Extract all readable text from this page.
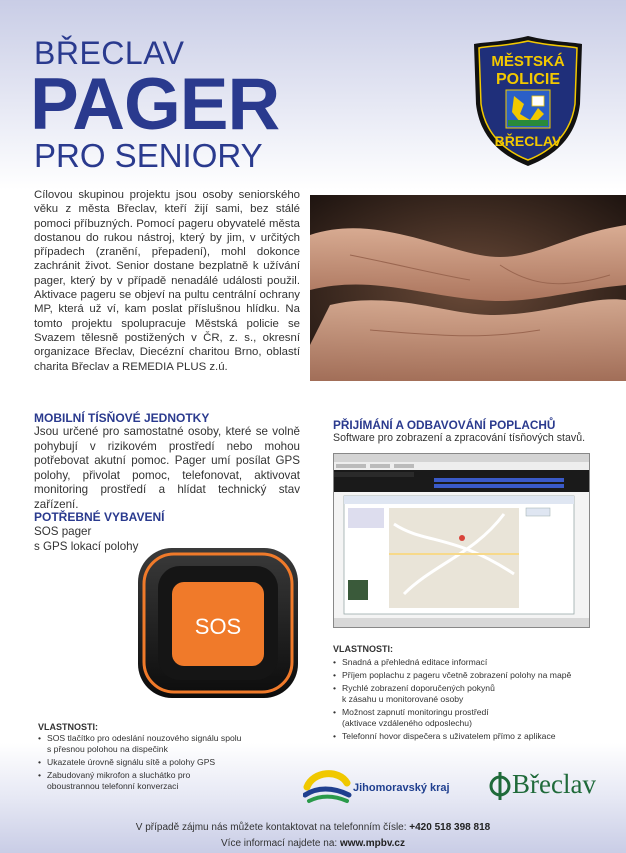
BŘECLAV
PAGER
PRO SENIORY
MĚSTSKÁ
POLICIE
BŘECLAV

Cílovou skupinou projektu jsou osoby seniorského věku z města Břeclav, kteří žijí sami, bez stálé pomoci příbuzných. Pomocí pageru obyvatelé města dostanou do rukou nástroj, který by jim, v určitých případech (zranění, přepadení), mohl dokonce zachránit život. Senior dostane bezplatně k užívání pager, který by v případě nenadálé události použil. Aktivace pageru se objeví na pultu centrální ochrany MP, která už ví, kam poslat příslušnou hlídku. Na tomto projektu spolupracuje Městská policie se Svazem tělesně postižených v ČR, z. s., okresní organizace Břeclav, Diecézní charitou Brno, oblastí charita Břeclav a REMEDIA PLUS z.ú.

MOBILNÍ TÍSŇOVÉ JEDNOTKY

Jsou určené pro samostatné osoby, které se volně pohybují v rizikovém prostředí nebo mohou potřebovat akutní pomoc. Pager umí posílat GPS polohy, přivolat pomoc, telefonovat, aktivovat monitoring prostředí a hlídat technický stav zařízení.

POTŘEBNÉ VYBAVENÍ
SOS pager
s GPS lokací polohy
SOS

VLASTNOSTI:

• SOS tlačítko pro odeslání nouzového signálu spolu
s přesnou polohou na dispečink
• Ukazatele úrovně signálu sítě a polohy GPS
• Zabudovaný mikrofon a sluchátko pro
oboustrannou telefonní konverzaci
PŘIJÍMÁNÍ A ODBAVOVÁNÍ POPLACHŮ

Software pro zobrazení a zpracování tísňových stavů.

VLASTNOSTI:

• Snadná a přehledná editace informací
• Příjem poplachu z pageru včetně zobrazení polohy na mapě
• Rychlé zobrazení doporučených pokynů
k zásahu u monitorované osoby
• Možnost zapnutí monitoringu prostředí
(aktivace vzdáleného odposlechu)
• Telefonní hovor dispečera s uživatelem přímo z aplikace
Jihomoravský kraj Břeclav

V případě zájmu nás můžete kontaktovat na telefonním čísle: +420 518 398 818

Více informací najdete na: www.mpbv.cz
